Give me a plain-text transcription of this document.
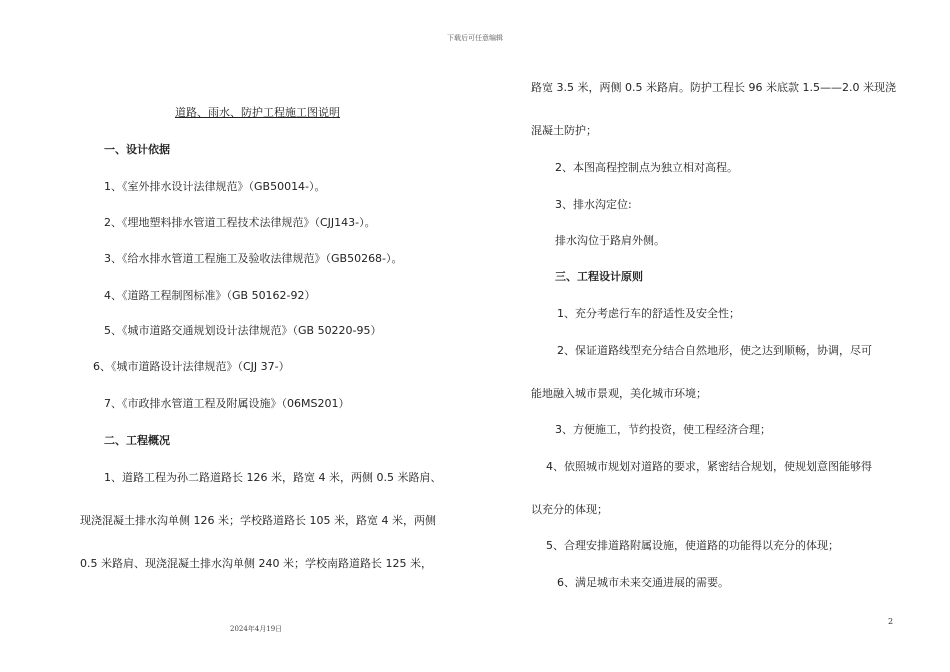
下载后可任意编辑
道路、雨水、防护工程施工图说明
一、设计依据
1、《室外排水设计法律规范》（GB50014-）。
2、《埋地塑料排水管道工程技术法律规范》（CJJ143-）。
3、《给水排水管道工程施工及验收法律规范》（GB50268-）。
4、《道路工程制图标准》（GB 50162-92）
5、《城市道路交通规划设计法律规范》（GB 50220-95）
6、《城市道路设计法律规范》（CJJ 37-）
7、《市政排水管道工程及附属设施》（06MS201）
二、工程概况
1、道路工程为孙二路道路长 126 米，路宽 4 米，两侧 0.5 米路肩、
现浇混凝土排水沟单侧 126 米；学校路道路长 105 米，路宽 4 米，两侧
0.5 米路肩、现浇混凝土排水沟单侧 240 米；学校南路道路长 125 米，
路宽 3.5 米，两侧 0.5 米路肩。防护工程长 96 米底款 1.5——2.0 米现浇
混凝土防护；
2、本图高程控制点为独立相对高程。
3、排水沟定位:
排水沟位于路肩外侧。
三、工程设计原则
1、充分考虑行车的舒适性及安全性；
2、保证道路线型充分结合自然地形，使之达到顺畅，协调，尽可
能地融入城市景观，美化城市环境；
3、方便施工，节约投资，使工程经济合理；
4、依照城市规划对道路的要求，紧密结合规划，使规划意图能够得
以充分的体现；
5、合理安排道路附属设施，使道路的功能得以充分的体现；
6、满足城市未来交通进展的需要。
2024年4月19日
2
